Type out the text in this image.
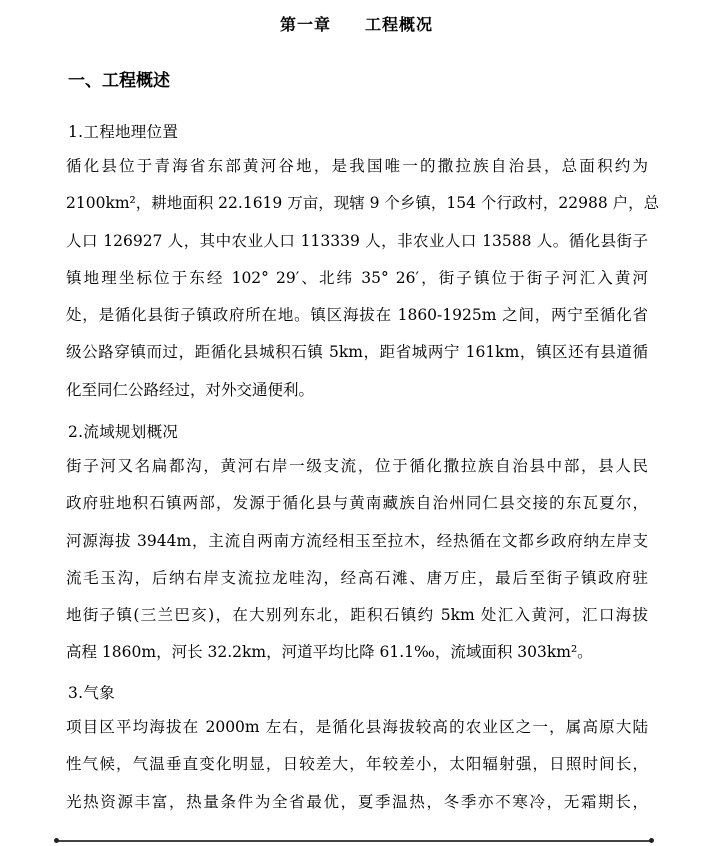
第一章　　工程概况
一、工程概述
1.工程地理位置
循化县位于青海省东部黄河谷地，是我国唯一的撒拉族自治县，总面积约为
2100km²，耕地面积 22.1619 万亩，现辖 9 个乡镇，154 个行政村，22988 户，总
人口 126927 人，其中农业人口 113339 人，非农业人口 13588 人。循化县街子
镇地理坐标位于东经 102° 29′、北纬 35° 26′，街子镇位于街子河汇入黄河
处，是循化县街子镇政府所在地。镇区海拔在 1860-1925m 之间，两宁至循化省
级公路穿镇而过，距循化县城积石镇 5km，距省城两宁 161km，镇区还有县道循
化至同仁公路经过，对外交通便利。
2.流域规划概况
街子河又名扁都沟，黄河右岸一级支流，位于循化撒拉族自治县中部，县人民
政府驻地积石镇两部，发源于循化县与黄南藏族自治州同仁县交接的东瓦夏尔，
河源海拔 3944m，主流自两南方流经相玉至拉木，经热循在文都乡政府纳左岸支
流毛玉沟，后纳右岸支流拉龙哇沟，经高石滩、唐万庄，最后至街子镇政府驻
地街子镇(三兰巴亥)，在大别列东北，距积石镇约 5km 处汇入黄河，汇口海拔
高程 1860m，河长 32.2km，河道平均比降 61.1‰，流域面积 303km²。
3.气象
项目区平均海拔在 2000m 左右，是循化县海拔较高的农业区之一，属高原大陆
性气候，气温垂直变化明显，日较差大，年较差小，太阳辐射强，日照时间长，
光热资源丰富，热量条件为全省最优，夏季温热，冬季亦不寒冷，无霜期长，
